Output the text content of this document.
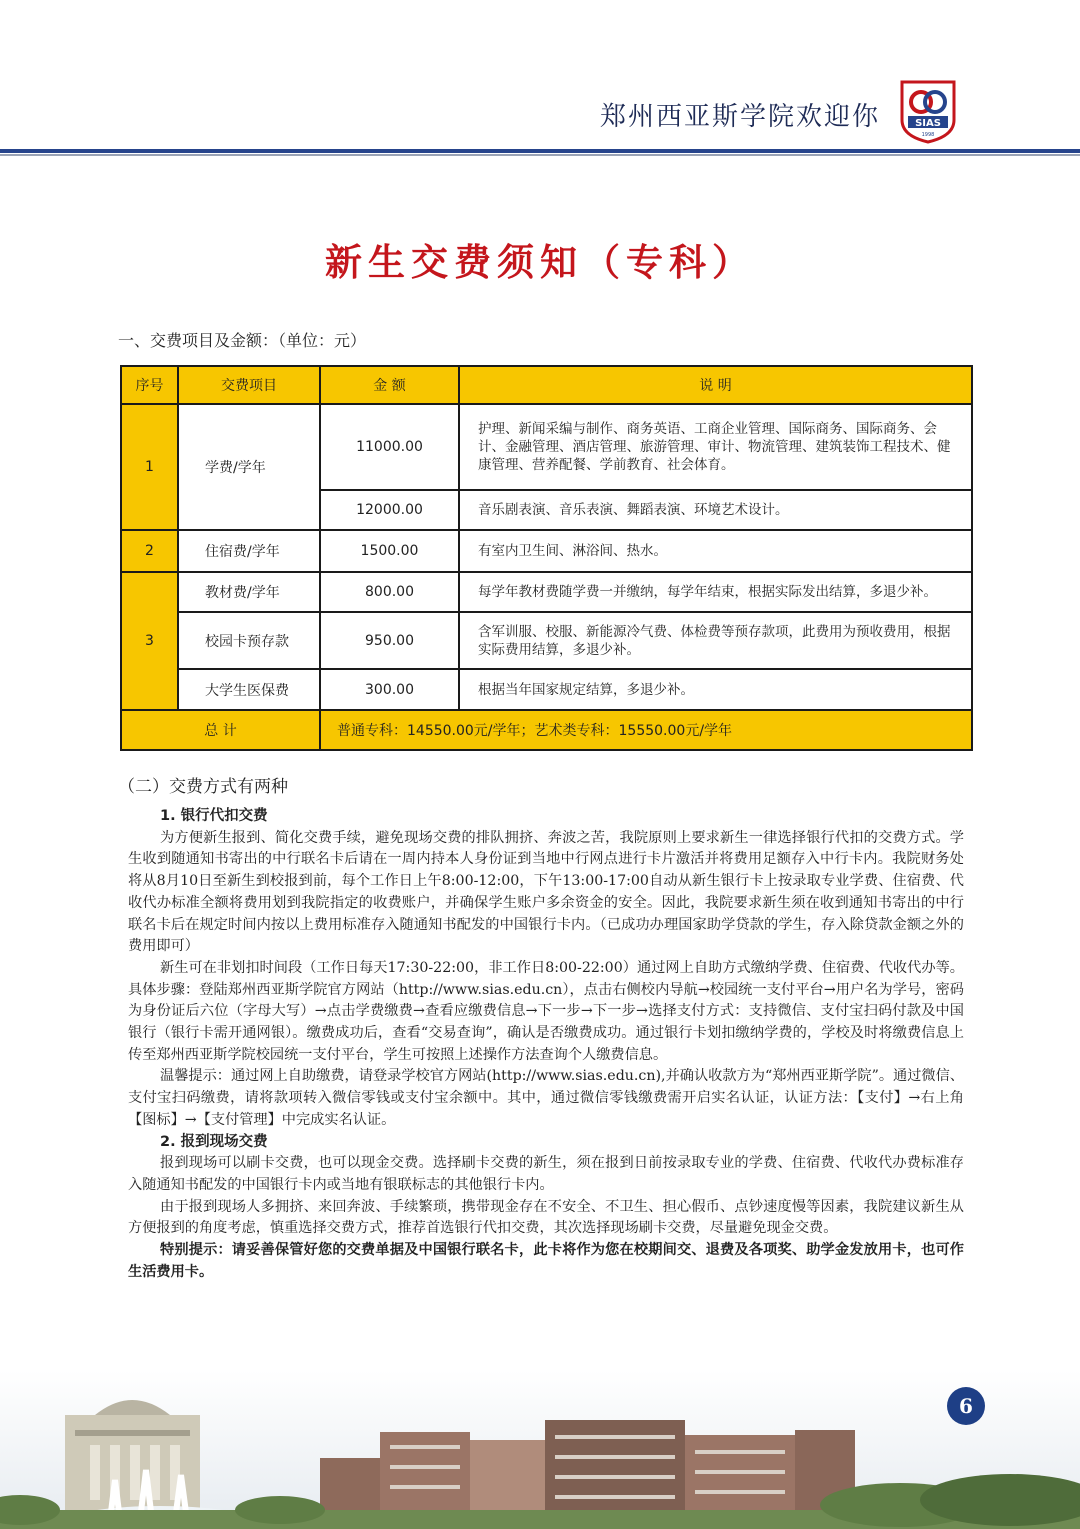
郑州西亚斯学院欢迎你	SIAS
1998
新生交费须知（专科）
一、交费项目及金额：（单位：元）
序号	交费项目	金 额	说 明
1	学费/学年	11000.00	护理、新闻采编与制作、商务英语、工商企业管理、国际商务、国际商务、会计、金融管理、酒店管理、旅游管理、审计、物流管理、建筑装饰工程技术、健康管理、营养配餐、学前教育、社会体育。
		12000.00	音乐剧表演、音乐表演、舞蹈表演、环境艺术设计。
2	住宿费/学年	1500.00	有室内卫生间、淋浴间、热水。
3	教材费/学年	800.00	每学年教材费随学费一并缴纳，每学年结束，根据实际发出结算，多退少补。
	校园卡预存款	950.00	含军训服、校服、新能源冷气费、体检费等预存款项，此费用为预收费用，根据实际费用结算，多退少补。
	大学生医保费	300.00	根据当年国家规定结算，多退少补。
总 计		普通专科：14550.00元/学年；艺术类专科：15550.00元/学年	
（二）交费方式有两种
1. 银行代扣交费

为方便新生报到、简化交费手续，避免现场交费的排队拥挤、奔波之苦，我院原则上要求新生一律选择银行代扣的交费方式。学生收到随通知书寄出的中行联名卡后请在一周内持本人身份证到当地中行网点进行卡片激活并将费用足额存入中行卡内。我院财务处将从8月10日至新生到校报到前，每个工作日上午8:00-12:00，下午13:00-17:00自动从新生银行卡上按录取专业学费、住宿费、代收代办标准全额将费用划到我院指定的收费账户，并确保学生账户多余资金的安全。因此，我院要求新生须在收到通知书寄出的中行联名卡后在规定时间内按以上费用标准存入随通知书配发的中国银行卡内。（已成功办理国家助学贷款的学生，存入除贷款金额之外的费用即可）

新生可在非划扣时间段（工作日每天17:30-22:00，非工作日8:00-22:00）通过网上自助方式缴纳学费、住宿费、代收代办等。具体步骤：登陆郑州西亚斯学院官方网站（http://www.sias.edu.cn），点击右侧校内导航→校园统一支付平台→用户名为学号，密码为身份证后六位（字母大写）→点击学费缴费→查看应缴费信息→下一步→下一步→选择支付方式：支持微信、支付宝扫码付款及中国银行（银行卡需开通网银）。缴费成功后，查看“交易查询”，确认是否缴费成功。通过银行卡划扣缴纳学费的，学校及时将缴费信息上传至郑州西亚斯学院校园统一支付平台，学生可按照上述操作方法查询个人缴费信息。

温馨提示：通过网上自助缴费，请登录学校官方网站(http://www.sias.edu.cn),并确认收款方为“郑州西亚斯学院”。通过微信、支付宝扫码缴费，请将款项转入微信零钱或支付宝余额中。其中，通过微信零钱缴费需开启实名认证，认证方法：【支付】→右上角【图标】→【支付管理】中完成实名认证。

2. 报到现场交费

报到现场可以刷卡交费，也可以现金交费。选择刷卡交费的新生，须在报到日前按录取专业的学费、住宿费、代收代办费标准存入随通知书配发的中国银行卡内或当地有银联标志的其他银行卡内。

由于报到现场人多拥挤、来回奔波、手续繁琐，携带现金存在不安全、不卫生、担心假币、点钞速度慢等因素，我院建议新生从方便报到的角度考虑，慎重选择交费方式，推荐首选银行代扣交费，其次选择现场刷卡交费，尽量避免现金交费。

特别提示：请妥善保管好您的交费单据及中国银行联名卡，此卡将作为您在校期间交、退费及各项奖、助学金发放用卡，也可作生活费用卡。

6
